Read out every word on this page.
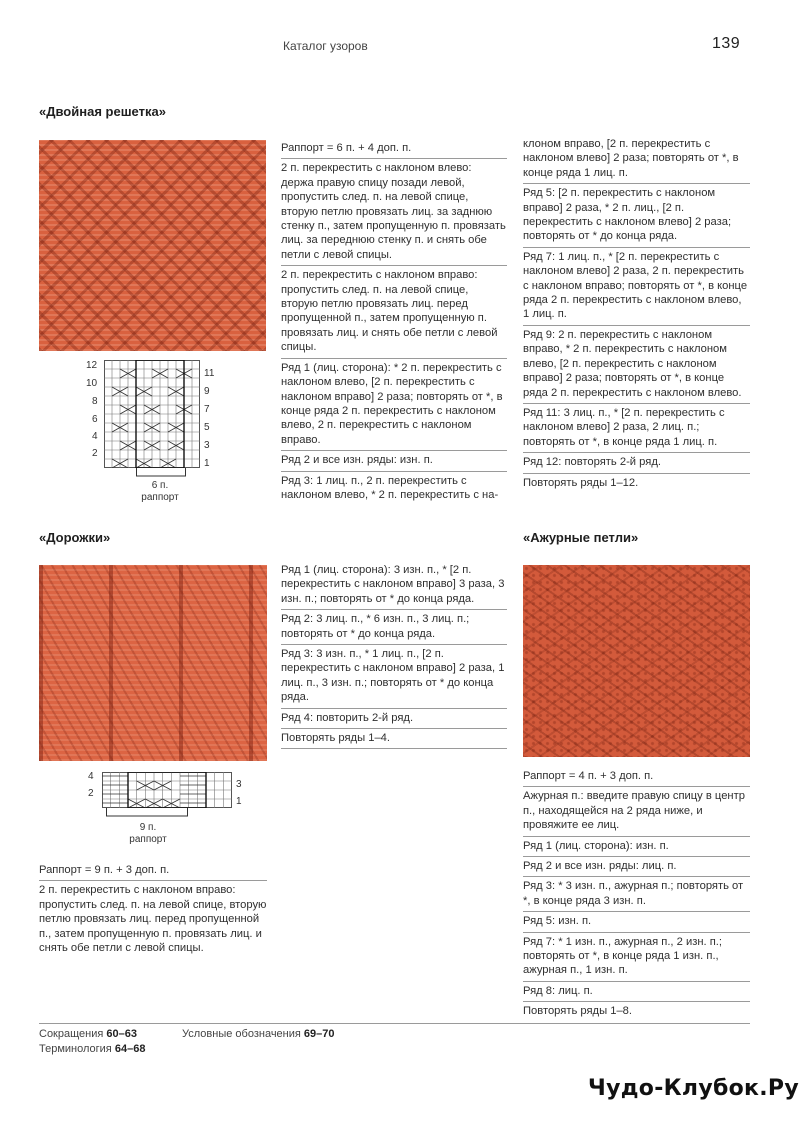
Каталог узоров	139
«Двойная решетка»
12
10
8
6
4
2
11
9
7
5
3
1
6 п.
раппорт
Раппорт = 6 п. + 4 доп. п.
2 п. перекрестить с наклоном влево: держа правую спицу позади левой, пропустить след. п. на левой спице, вторую петлю провязать лиц. за заднюю стенку п., затем пропущенную п. провязать лиц. за переднюю стенку п. и снять обе петли с левой спицы.
2 п. перекрестить с наклоном вправо: пропустить след. п. на левой спице, вторую петлю провязать лиц. перед пропущенной п., затем пропущенную п. провязать лиц. и снять обе петли с левой спицы.
Ряд 1 (лиц. сторона): * 2 п. перекрестить с наклоном влево, [2 п. перекрестить с наклоном вправо] 2 раза; повторять от *, в конце ряда 2 п. перекрестить с наклоном влево, 2 п. перекрестить с наклоном вправо.
Ряд 2 и все изн. ряды: изн. п.
Ряд 3: 1 лиц. п., 2 п. перекрестить с наклоном влево, * 2 п. перекрестить с на-
клоном вправо, [2 п. перекрестить с наклоном влево] 2 раза; повторять от *, в конце ряда 1 лиц. п.
Ряд 5: [2 п. перекрестить с наклоном вправо] 2 раза, * 2 п. лиц., [2 п. перекрестить с наклоном влево] 2 раза; повторять от * до конца ряда.
Ряд 7: 1 лиц. п., * [2 п. перекрестить с наклоном влево] 2 раза, 2 п. перекрестить с наклоном вправо; повторять от *, в конце ряда 2 п. перекрестить с наклоном влево, 1 лиц. п.
Ряд 9: 2 п. перекрестить с наклоном вправо, * 2 п. перекрестить с наклоном влево, [2 п. перекрестить с наклоном вправо] 2 раза; повторять от *, в конце ряда 2 п. перекрестить с наклоном влево.
Ряд 11: 3 лиц. п., * [2 п. перекрестить с наклоном влево] 2 раза, 2 лиц. п.; повторять от *, в конце ряда 1 лиц. п.
Ряд 12: повторять 2-й ряд.
Повторять ряды 1–12.
«Дорожки»
4
2
3
1
9 п.
раппорт
Ряд 1 (лиц. сторона): 3 изн. п., * [2 п. перекрестить с наклоном вправо] 3 раза, 3 изн. п.; повторять от * до конца ряда.
Ряд 2: 3 лиц. п., * 6 изн. п., 3 лиц. п.; повторять от * до конца ряда.
Ряд 3: 3 изн. п., * 1 лиц. п., [2 п. перекрестить с наклоном вправо] 2 раза, 1 лиц. п., 3 изн. п.; повторять от * до конца ряда.
Ряд 4: повторить 2-й ряд.
Повторять ряды 1–4.
Раппорт = 9 п. + 3 доп. п.
2 п. перекрестить с наклоном вправо: пропустить след. п. на левой спице, вторую петлю провязать лиц. перед пропущенной п., затем пропущенную п. провязать лиц. и снять обе петли с левой спицы.
«Ажурные петли»
Раппорт = 4 п. + 3 доп. п.
Ажурная п.: введите правую спицу в центр п., находящейся на 2 ряда ниже, и провяжите ее лиц.
Ряд 1 (лиц. сторона): изн. п.
Ряд 2 и все изн. ряды: лиц. п.
Ряд 3: * 3 изн. п., ажурная п.; повторять от *, в конце ряда 3 изн. п.
Ряд 5: изн. п.
Ряд 7: * 1 изн. п., ажурная п., 2 изн. п.; повторять от *, в конце ряда 1 изн. п., ажурная п., 1 изн. п.
Ряд 8: лиц. п.
Повторять ряды 1–8.
Сокращения 60–63
Терминология 64–68
Условные обозначения 69–70
Чудо-Клубок.Ру
